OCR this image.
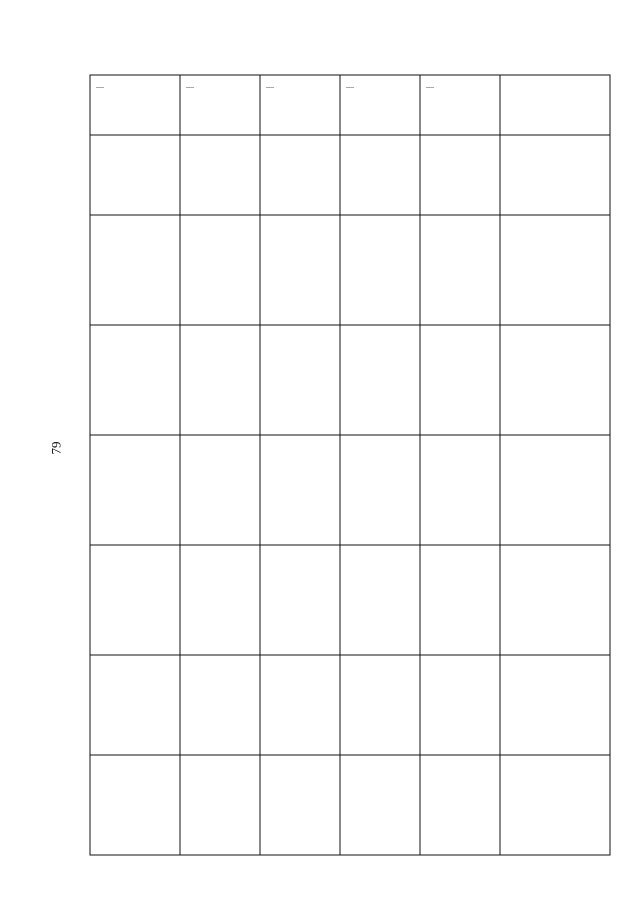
79
—	—	—	—	—
